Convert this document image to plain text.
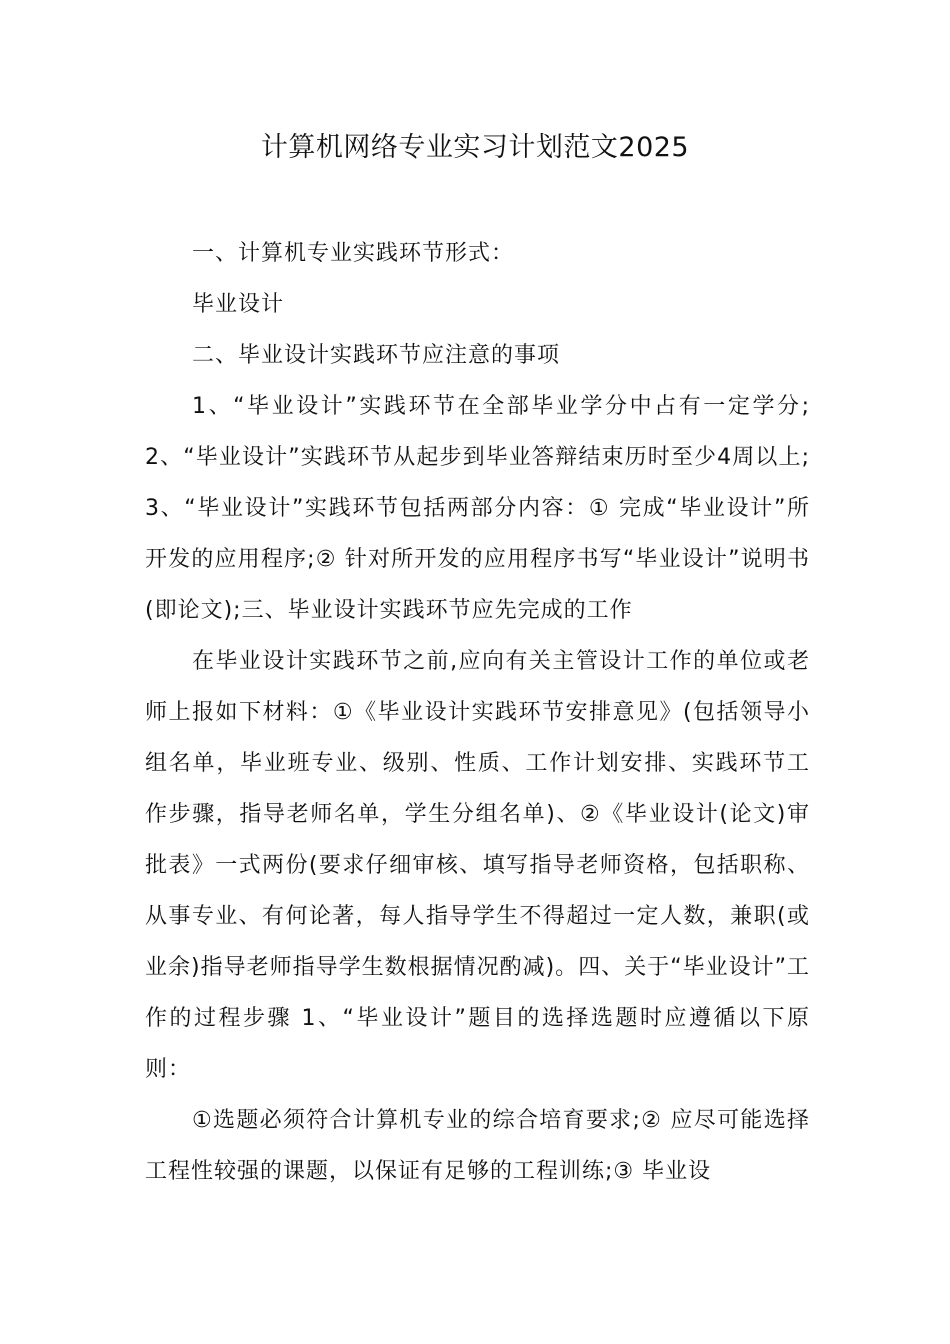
计算机网络专业实习计划范文2025

一、计算机专业实践环节形式：

毕业设计

二、毕业设计实践环节应注意的事项

1、“毕业设计”实践环节在全部毕业学分中占有一定学分;2、“毕业设计”实践环节从起步到毕业答辩结束历时至少4周以上;3、“毕业设计”实践环节包括两部分内容：① 完成“毕业设计”所开发的应用程序;② 针对所开发的应用程序书写“毕业设计”说明书(即论文);三、毕业设计实践环节应先完成的工作

在毕业设计实践环节之前,应向有关主管设计工作的单位或老师上报如下材料：①《毕业设计实践环节安排意见》(包括领导小组名单，毕业班专业、级别、性质、工作计划安排、实践环节工作步骤，指导老师名单，学生分组名单)、②《毕业设计(论文)审批表》一式两份(要求仔细审核、填写指导老师资格，包括职称、从事专业、有何论著，每人指导学生不得超过一定人数，兼职(或业余)指导老师指导学生数根据情况酌减)。四、关于“毕业设计”工作的过程步骤 1、“毕业设计”题目的选择选题时应遵循以下原则：

①选题必须符合计算机专业的综合培育要求;② 应尽可能选择工程性较强的课题，以保证有足够的工程训练;③ 毕业设
